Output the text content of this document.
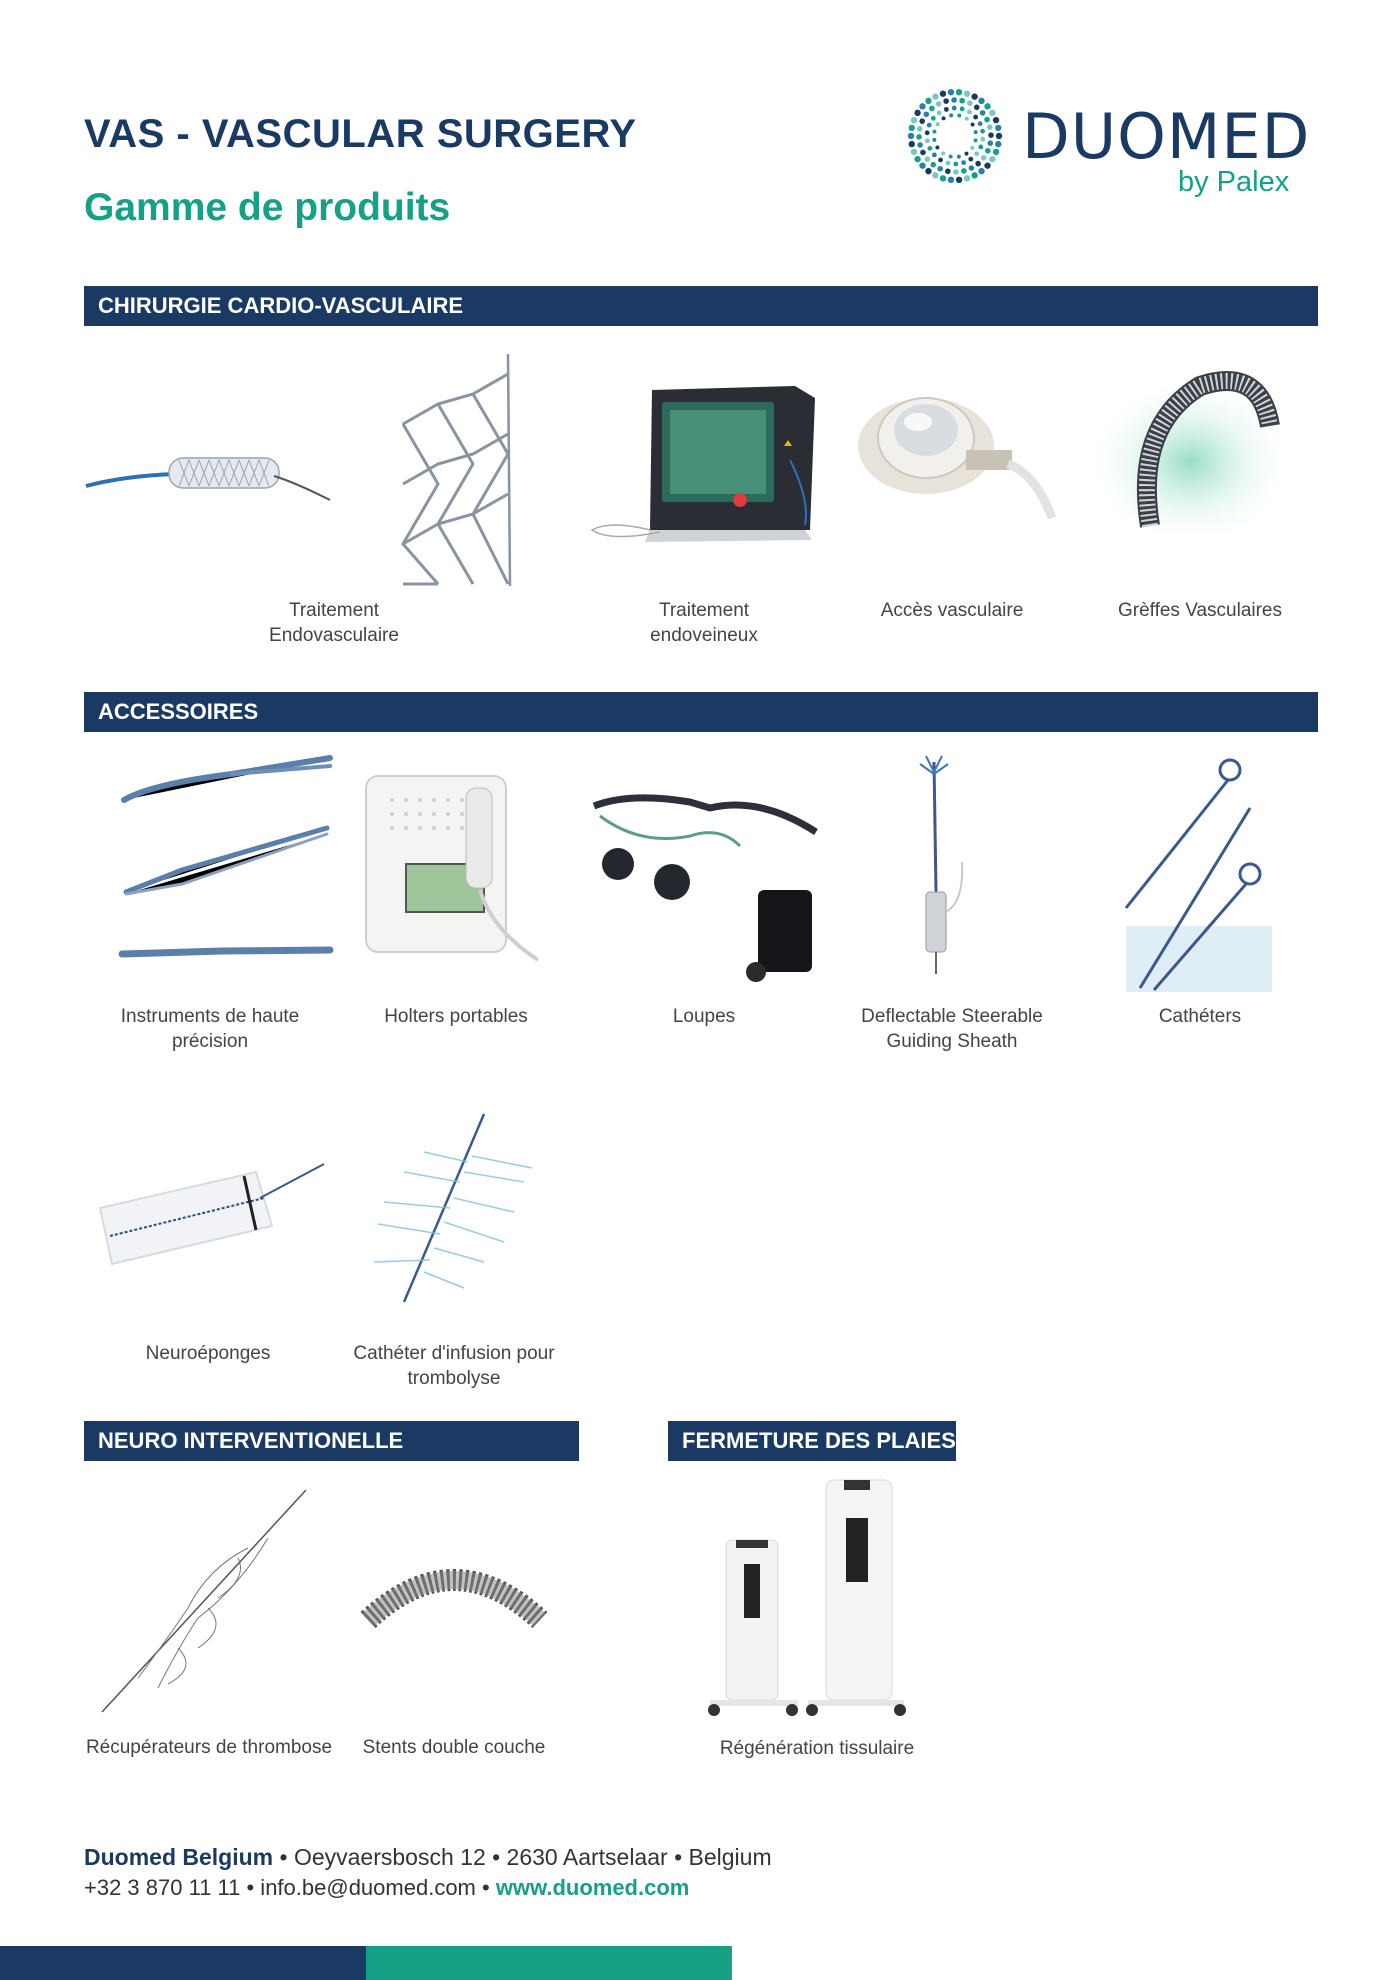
VAS - VASCULAR SURGERY
Gamme de produits
DUOMED
by Palex
CHIRURGIE CARDIO-VASCULAIRE
Traitement Endovasculaire
Traitement endoveineux
Accès vasculaire	Grèffes Vasculaires
ACCESSOIRES
Instruments de haute précision
Holters portables	Loupes	Deflectable Steerable Guiding Sheath
Cathéters
Neuroéponges	Cathéter d'infusion pour trombolyse
NEURO INTERVENTIONELLE	FERMETURE DES PLAIES
Récupérateurs de thrombose	Stents double couche	Régénération tissulaire
Duomed Belgium • Oeyvaersbosch 12 • 2630 Aartselaar • Belgium
+32 3 870 11 11 • info.be@duomed.com • www.duomed.com
